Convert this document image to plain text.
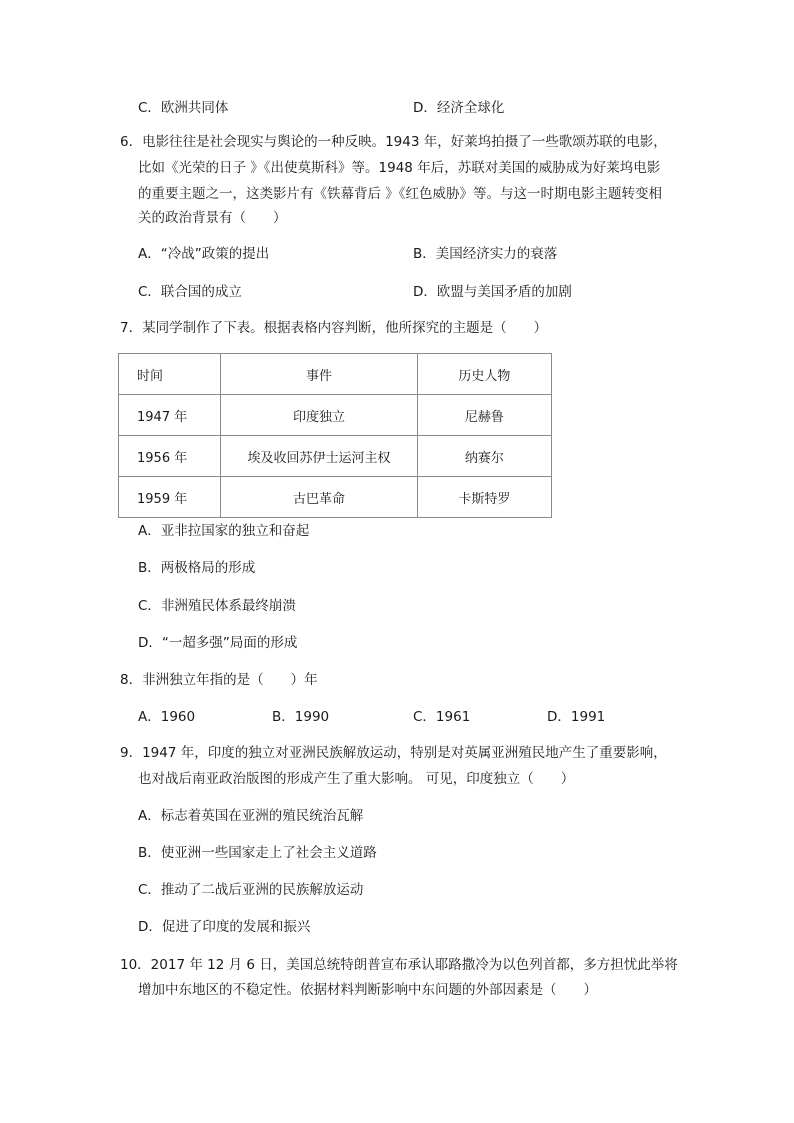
C．欧洲共同体	D．经济全球化
6．电影往往是社会现实与舆论的一种反映。1943 年，好莱坞拍摄了一些歌颂苏联的电影，
比如《光荣的日子 》《出使莫斯科》等。1948 年后，苏联对美国的威胁成为好莱坞电影
的重要主题之一，这类影片有《铁幕背后 》《红色威胁》等。与这一时期电影主题转变相
关的政治背景有（　　）
A．“冷战”政策的提出	B．美国经济实力的衰落
C．联合国的成立	D．欧盟与美国矛盾的加剧
7．某同学制作了下表。根据表格内容判断，他所探究的主题是（　　）
时间	事件	历史人物
1947 年	印度独立	尼赫鲁
1956 年	埃及收回苏伊士运河主权	纳赛尔
1959 年	古巴革命	卡斯特罗
A．亚非拉国家的独立和奋起
B．两极格局的形成
C．非洲殖民体系最终崩溃
D．“一超多强”局面的形成
8．非洲独立年指的是（　　）年
A．1960	B．1990	C．1961	D．1991
9．1947 年，印度的独立对亚洲民族解放运动，特别是对英属亚洲殖民地产生了重要影响，
也对战后南亚政治版图的形成产生了重大影响。 可见，印度独立（　　）
A．标志着英国在亚洲的殖民统治瓦解
B．使亚洲一些国家走上了社会主义道路
C．推动了二战后亚洲的民族解放运动
D．促进了印度的发展和振兴
10．2017 年 12 月 6 日，美国总统特朗普宣布承认耶路撒冷为以色列首都，多方担忧此举将
增加中东地区的不稳定性。依据材料判断影响中东问题的外部因素是（　　）
